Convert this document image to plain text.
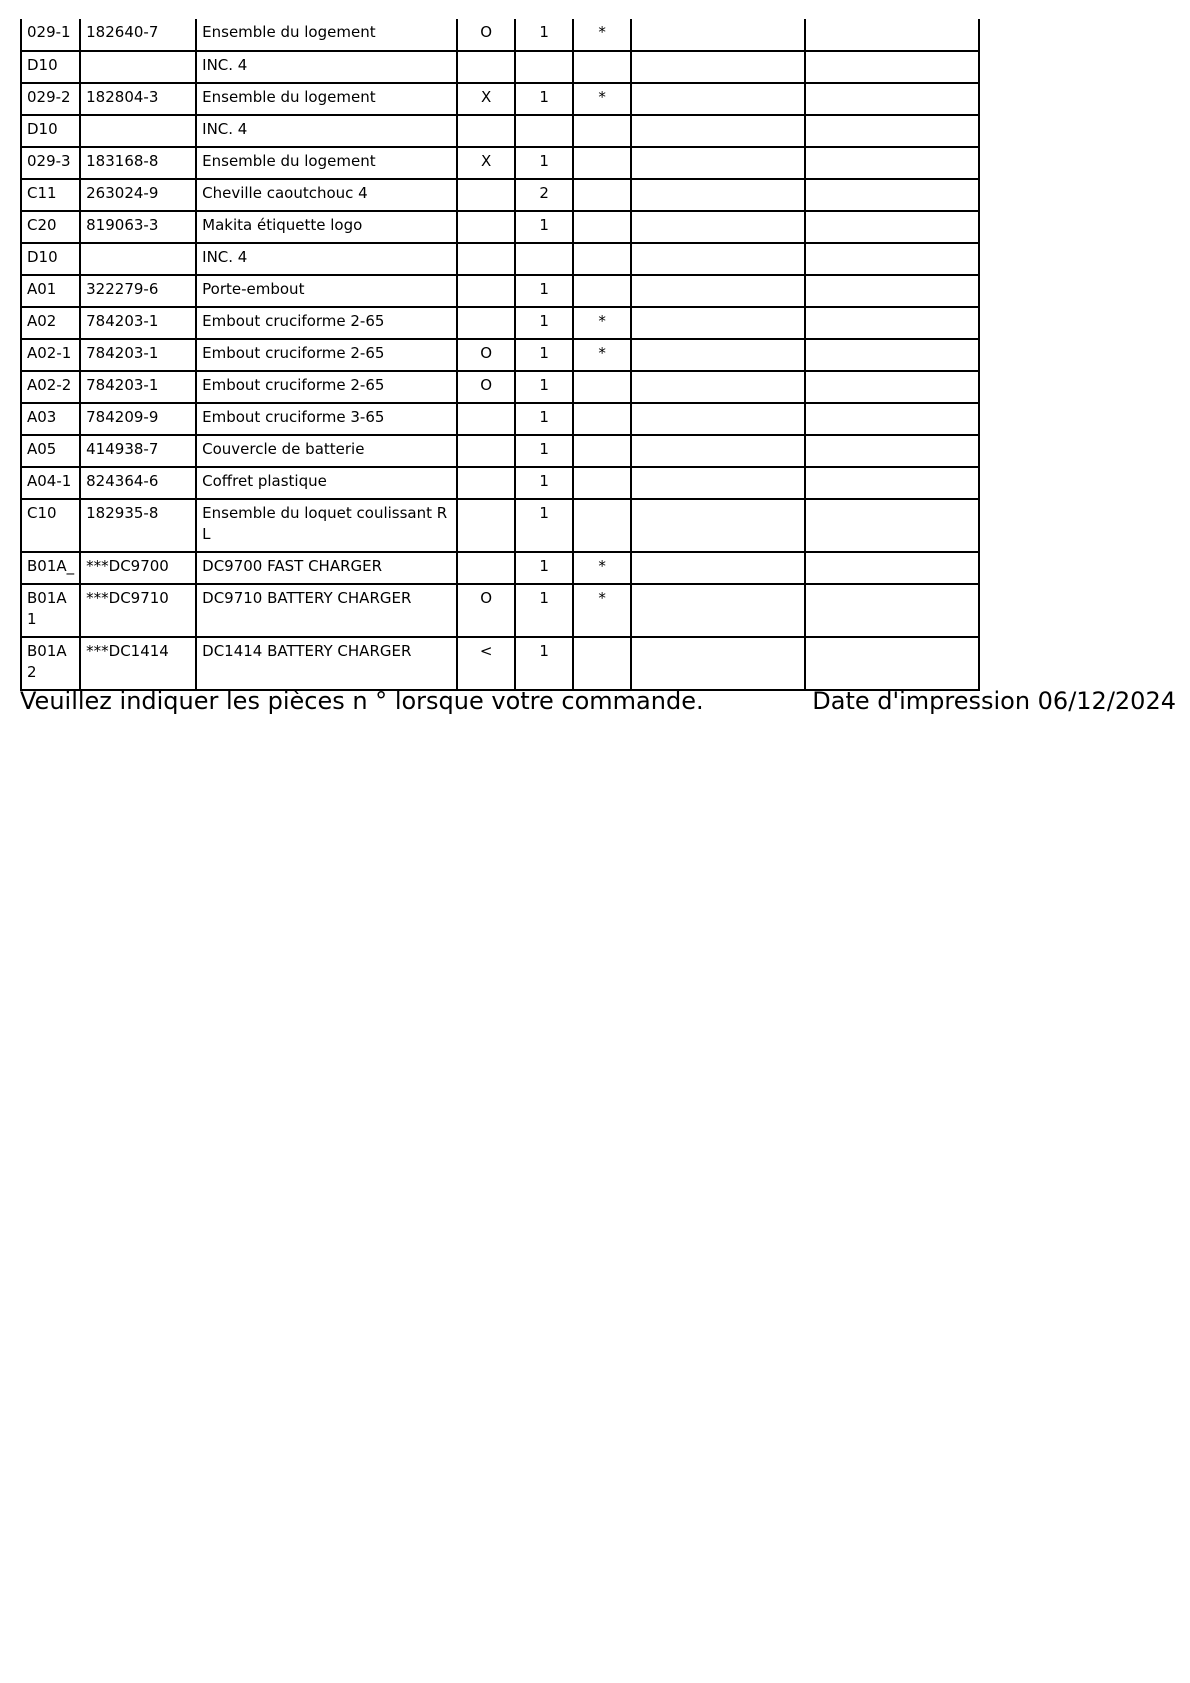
029-1	182640-7	Ensemble du logement	O	1	*		
D10		INC. 4					
029-2	182804-3	Ensemble du logement	X	1	*		
D10		INC. 4					
029-3	183168-8	Ensemble du logement	X	1			
C11	263024-9	Cheville caoutchouc 4		2			
C20	819063-3	Makita étiquette logo		1			
D10		INC. 4					
A01	322279-6	Porte-embout		1			
A02	784203-1	Embout cruciforme 2-65		1	*		
A02-1	784203-1	Embout cruciforme 2-65	O	1	*		
A02-2	784203-1	Embout cruciforme 2-65	O	1			
A03	784209-9	Embout cruciforme 3-65		1			
A05	414938-7	Couvercle de batterie		1			
A04-1	824364-6	Coffret plastique		1			
C10	182935-8	Ensemble du loquet coulissant R L		1			
B01A_	***DC9700	DC9700 FAST CHARGER		1	*		
B01A 1	***DC9710	DC9710 BATTERY CHARGER	O	1	*		
B01A 2	***DC1414	DC1414 BATTERY CHARGER	<	1			
Veuillez indiquer les pièces n ° lorsque votre commande.	Date d'impression 06/12/2024
